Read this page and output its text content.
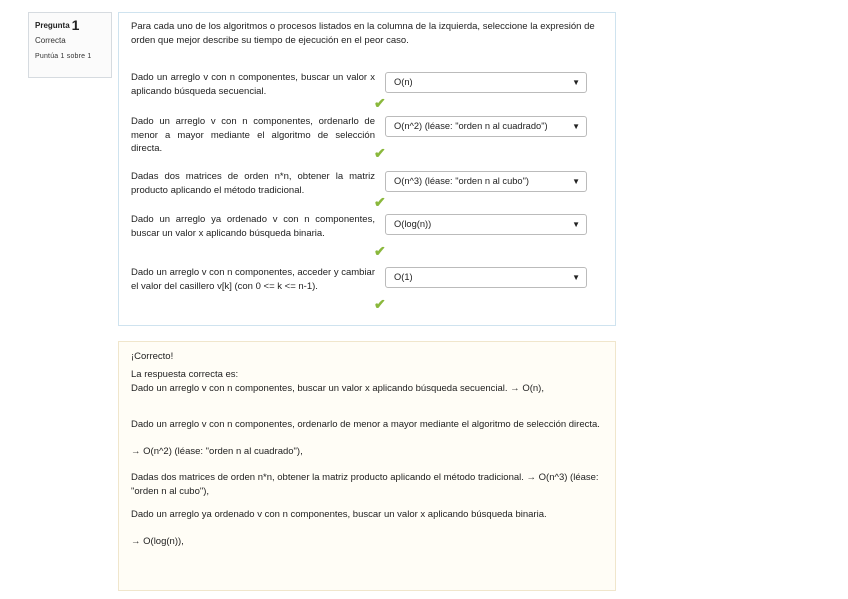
Pregunta 1
Correcta
Puntúa 1 sobre 1
Para cada uno de los algoritmos o procesos listados en la columna de la izquierda, seleccione la expresión de orden que mejor describe su tiempo de ejecución en el peor caso.
Dado un arreglo v con n componentes, buscar un valor x aplicando búsqueda secuencial.
O(n)	▼
✔
Dado un arreglo v con n componentes, ordenarlo de menor a mayor mediante el algoritmo de selección directa.
O(n^2) (léase: "orden n al cuadrado")	▼
✔
Dadas dos matrices de orden n*n, obtener la matriz producto aplicando el método tradicional.
O(n^3) (léase: "orden n al cubo")	▼
✔
Dado un arreglo ya ordenado v con n componentes, buscar un valor x aplicando búsqueda binaria.
O(log(n))	▼
✔
Dado un arreglo v con n componentes, acceder y cambiar el valor del casillero v[k] (con 0 <= k <= n-1).
O(1)	▼
✔
¡Correcto!
La respuesta correcta es:
Dado un arreglo v con n componentes, buscar un valor x aplicando búsqueda secuencial. → O(n),
Dado un arreglo v con n componentes, ordenarlo de menor a mayor mediante el algoritmo de selección directa.
→ O(n^2) (léase: "orden n al cuadrado"),
Dadas dos matrices de orden n*n, obtener la matriz producto aplicando el método tradicional. → O(n^3) (léase: "orden n al cubo"),
Dado un arreglo ya ordenado v con n componentes, buscar un valor x aplicando búsqueda binaria.
→ O(log(n)),
